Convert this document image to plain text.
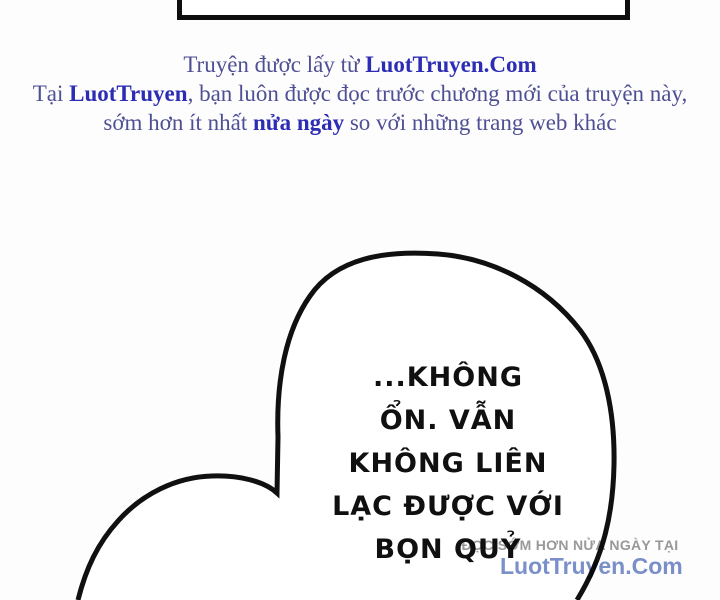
Truyện được lấy từ LuotTruyen.Com
Tại LuotTruyen, bạn luôn được đọc trước chương mới của truyện này,
sớm hơn ít nhất nửa ngày so với những trang web khác
...KHÔNG
ỔN. VẪN
KHÔNG LIÊN
LẠC ĐƯỢC VỚI
BỌN QUỶ
ĐỌC SỚM HƠN NỬA NGÀY TẠI
LuotTruyen.Com
